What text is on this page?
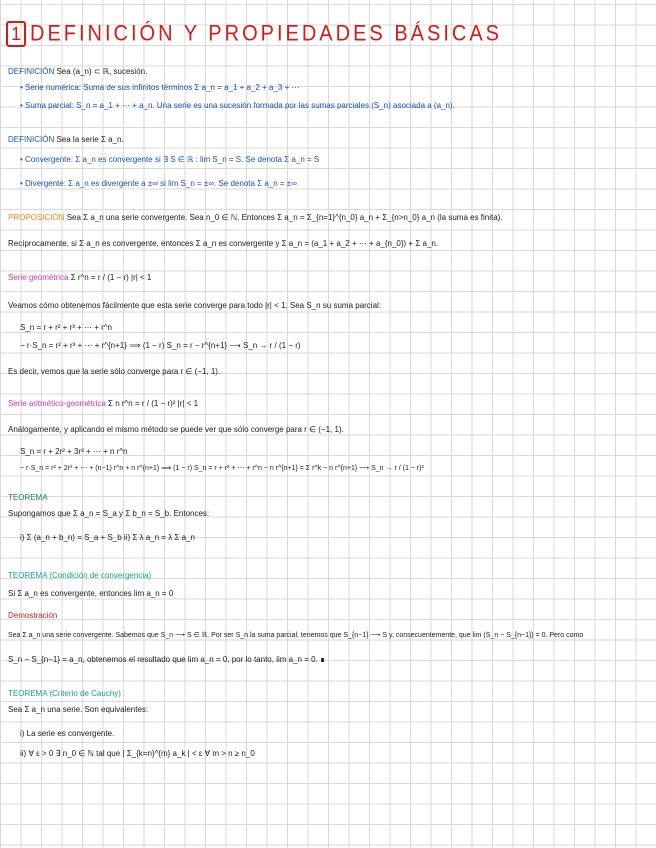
1 DEFINICIÓN Y PROPIEDADES BÁSICAS
DEFINICIÓN Sea (a_n) ⊂ ℝ, sucesión.
• Serie numérica: Suma de sus infinitos términos Σ a_n = a_1 + a_2 + a_3 + ⋯
• Suma parcial: S_n = a_1 + ⋯ + a_n. Una serie es una sucesión formada por las sumas parciales (S_n) asociada a (a_n).
DEFINICIÓN Sea la serie Σ a_n.
• Convergente: Σ a_n es convergente si ∃ S ∈ ℝ : lim S_n = S. Se denota Σ a_n = S
• Divergente: Σ a_n es divergente a ±∞ si lim S_n = ±∞. Se denota Σ a_n = ±∞
PROPOSICIÓN Sea Σ a_n una serie convergente. Sea n_0 ∈ ℕ. Entonces Σ a_n = Σ_{n=1}^{n_0} a_n + Σ_{n>n_0} a_n (la suma es finita).
Recíprocamente, si Σ a_n es convergente, entonces Σ a_n es convergente y Σ a_n = (a_1 + a_2 + ⋯ + a_{n_0}) + Σ a_n.
Serie geométrica Σ r^n = r / (1 − r) |r| < 1
Veamos cómo obtenemos fácilmente que esta serie converge para todo |r| < 1. Sea S_n su suma parcial:
S_n = r + r² + r³ + ⋯ + r^n
− r·S_n = r² + r³ + ⋯ + r^{n+1} ⟹ (1 − r) S_n = r − r^{n+1} ⟶ S_n → r / (1 − r)
Es decir, vemos que la serie sólo converge para r ∈ (−1, 1).
Serie aritmético-geométrica Σ n r^n = r / (1 − r)² |r| < 1
Análogamente, y aplicando el mismo método se puede ver que sólo converge para r ∈ (−1, 1).
S_n = r + 2r² + 3r³ + ⋯ + n r^n
− r·S_n = r² + 2r³ + ⋯ + (n−1) r^n + n r^{n+1} ⟹ (1 − r) S_n = r + r² + ⋯ + r^n − n r^{n+1} = Σ r^k − n r^{n+1} ⟶ S_n → r / (1 − r)²
TEOREMA
Supongamos que Σ a_n = S_a y Σ b_n = S_b. Entonces:
i) Σ (a_n + b_n) = S_a + S_b ii) Σ λ a_n = λ Σ a_n
TEOREMA (Condición de convergencia)
Si Σ a_n es convergente, entonces lim a_n = 0
Demostración
Sea Σ a_n una serie convergente. Sabemos que S_n ⟶ S ∈ ℝ. Por ser S_n la suma parcial, tenemos que S_{n−1} ⟶ S y, consecuentemente, que lim (S_n − S_{n−1}) = 0. Pero como
S_n − S_{n−1} = a_n, obtenemos el resultado que lim a_n = 0, por lo tanto, lim a_n = 0. ∎
TEOREMA (Criterio de Cauchy)
Sea Σ a_n una serie. Son equivalentes:
i) La serie es convergente.
ii) ∀ ε > 0 ∃ n_0 ∈ ℕ tal que | Σ_{k=n}^{m} a_k | < ε ∀ m > n ≥ n_0
